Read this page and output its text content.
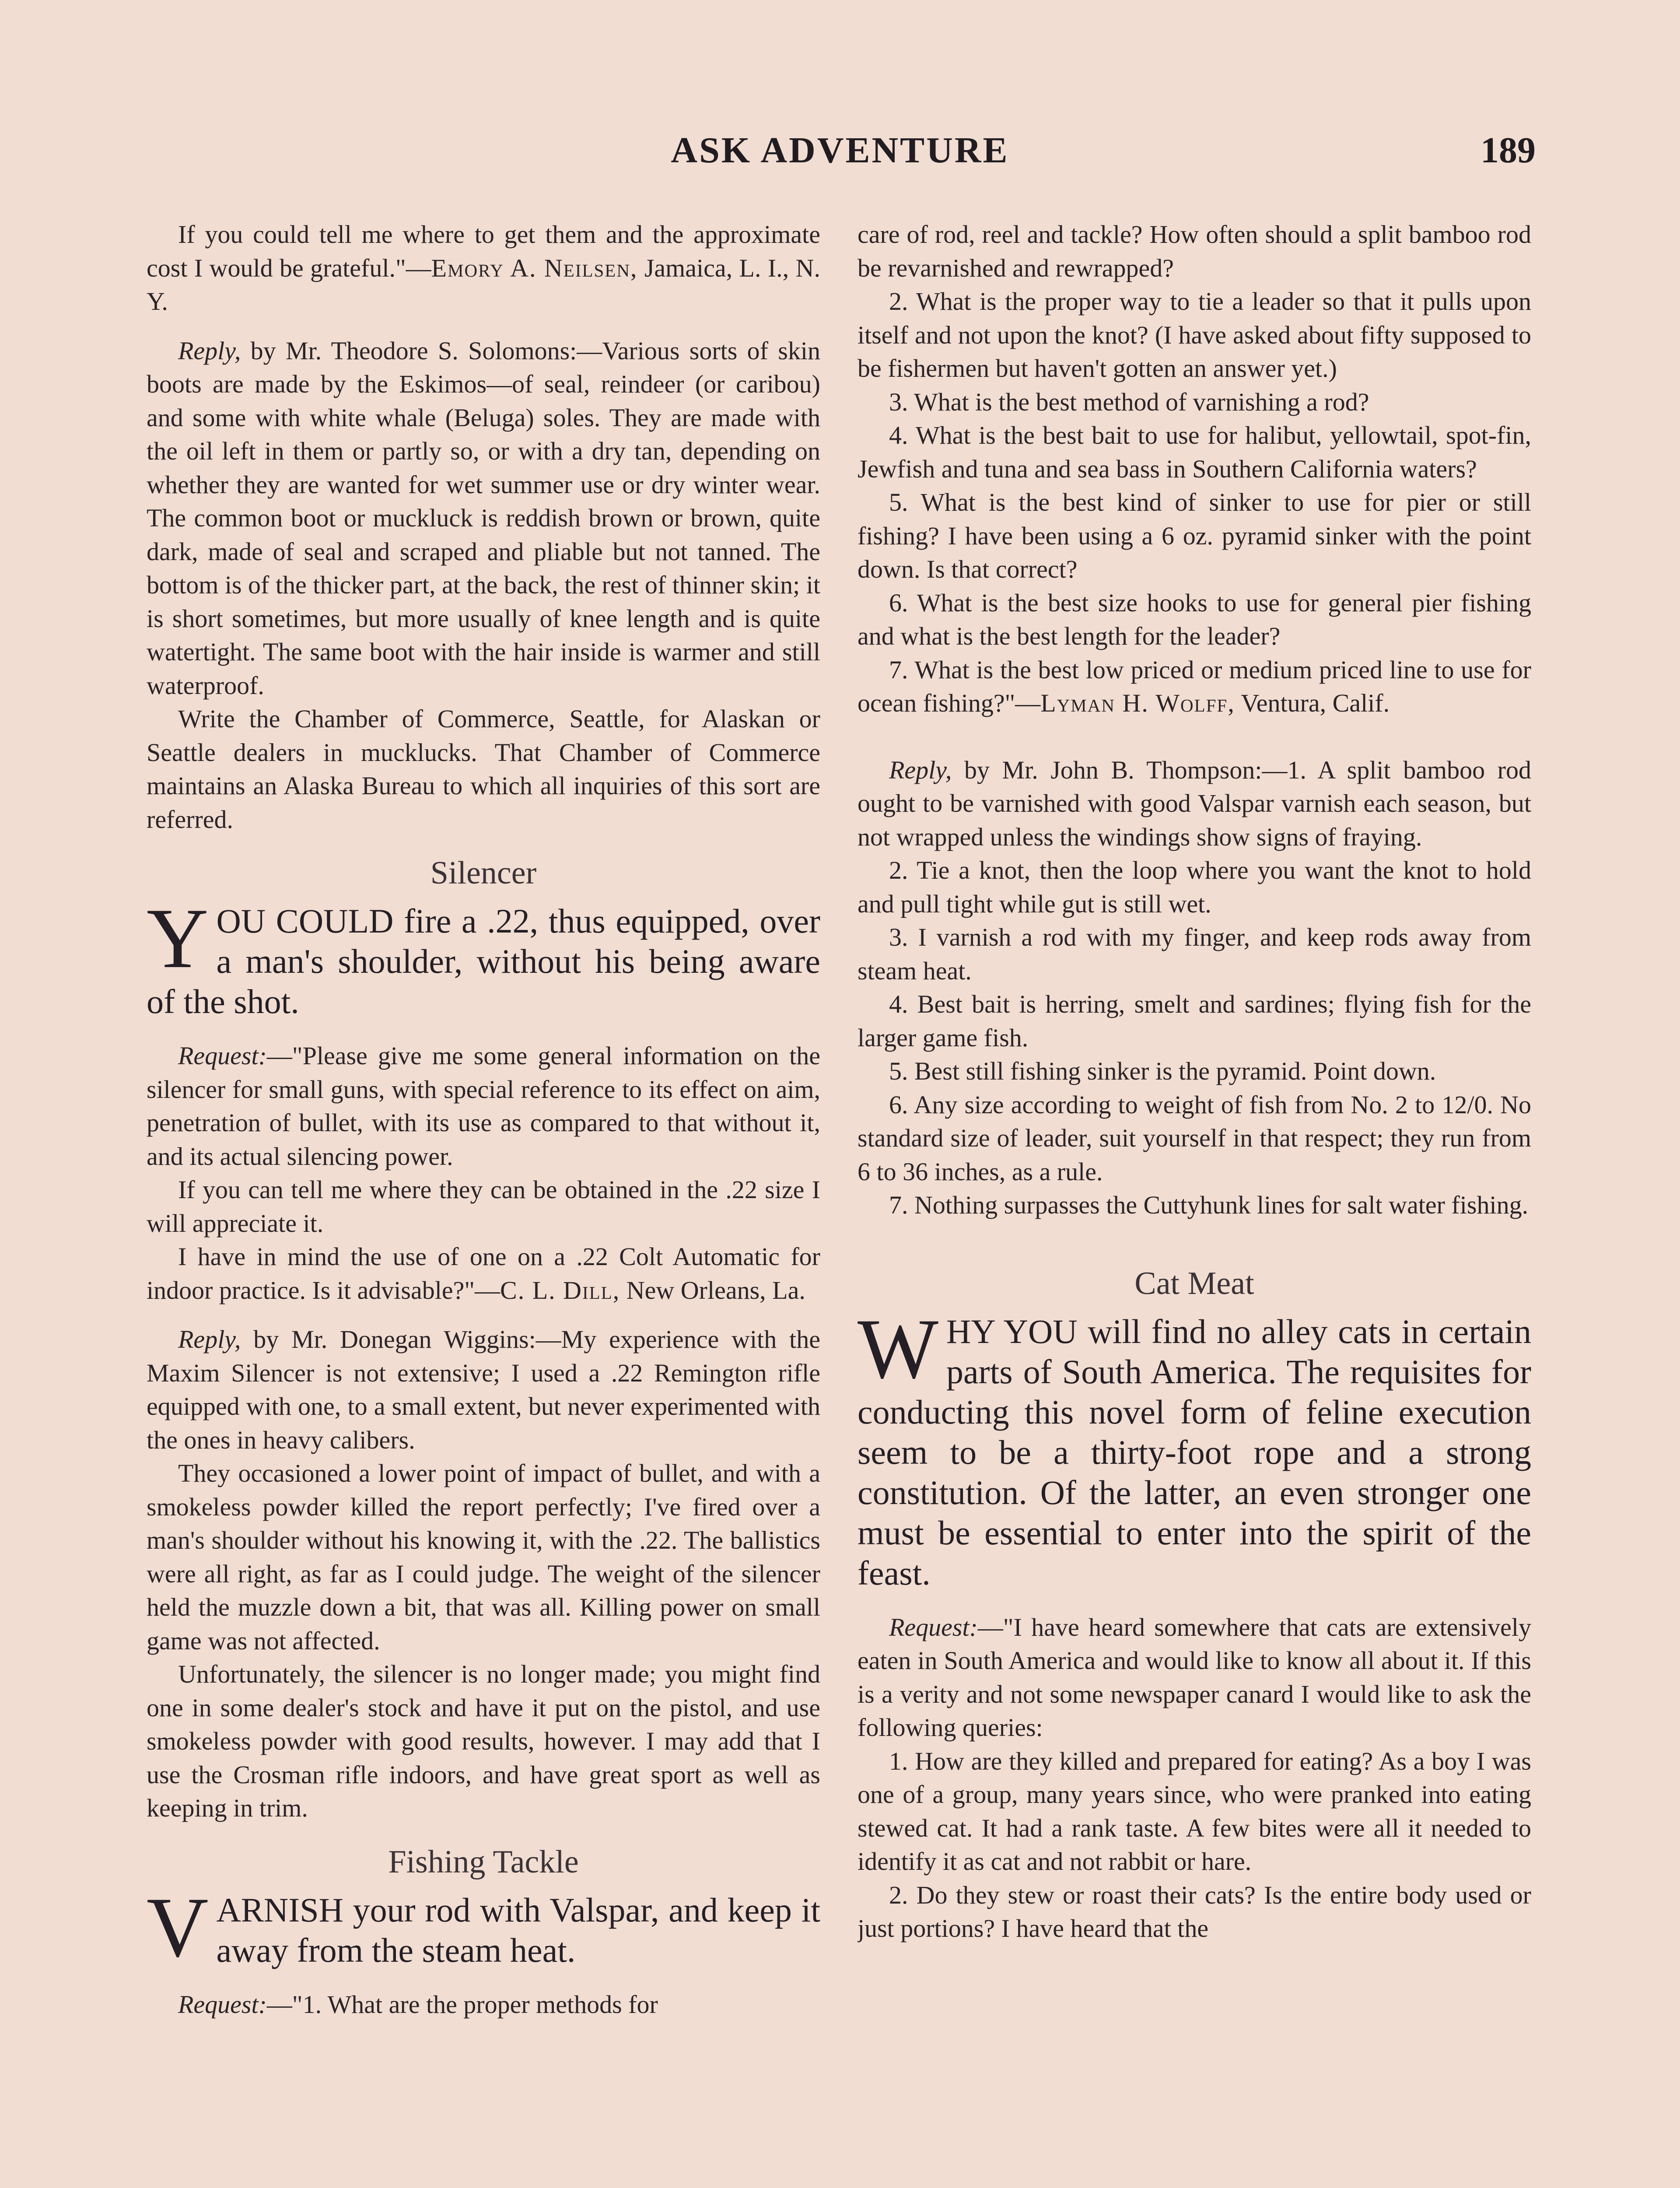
ASK ADVENTURE	189

If you could tell me where to get them and the approximate cost I would be grateful."—Emory A. Neilsen, Jamaica, L. I., N. Y.

Reply, by Mr. Theodore S. Solomons:—Various sorts of skin boots are made by the Eskimos—of seal, reindeer (or caribou) and some with white whale (Beluga) soles. They are made with the oil left in them or partly so, or with a dry tan, depending on whether they are wanted for wet summer use or dry winter wear. The common boot or muckluck is reddish brown or brown, quite dark, made of seal and scraped and pliable but not tanned. The bottom is of the thicker part, at the back, the rest of thinner skin; it is short sometimes, but more usually of knee length and is quite watertight. The same boot with the hair inside is warmer and still waterproof.

Write the Chamber of Commerce, Seattle, for Alaskan or Seattle dealers in mucklucks. That Chamber of Commerce maintains an Alaska Bureau to which all inquiries of this sort are referred.

Silencer
YOU COULD fire a .22, thus equipped, over a man's shoulder, without his being aware of the shot.

Request:—"Please give me some general information on the silencer for small guns, with special reference to its effect on aim, penetration of bullet, with its use as compared to that without it, and its actual silencing power.

If you can tell me where they can be obtained in the .22 size I will appreciate it.

I have in mind the use of one on a .22 Colt Automatic for indoor practice. Is it advisable?"—C. L. Dill, New Orleans, La.

Reply, by Mr. Donegan Wiggins:—My experience with the Maxim Silencer is not extensive; I used a .22 Remington rifle equipped with one, to a small extent, but never experimented with the ones in heavy calibers.

They occasioned a lower point of impact of bullet, and with a smokeless powder killed the report perfectly; I've fired over a man's shoulder without his knowing it, with the .22. The ballistics were all right, as far as I could judge. The weight of the silencer held the muzzle down a bit, that was all. Killing power on small game was not affected.

Unfortunately, the silencer is no longer made; you might find one in some dealer's stock and have it put on the pistol, and use smokeless powder with good results, however. I may add that I use the Crosman rifle indoors, and have great sport as well as keeping in trim.

Fishing Tackle
VARNISH your rod with Valspar, and keep it away from the steam heat.

Request:—"1. What are the proper methods for

care of rod, reel and tackle? How often should a split bamboo rod be revarnished and rewrapped?

2. What is the proper way to tie a leader so that it pulls upon itself and not upon the knot? (I have asked about fifty supposed to be fishermen but haven't gotten an answer yet.)

3. What is the best method of varnishing a rod?

4. What is the best bait to use for halibut, yellowtail, spot-fin, Jewfish and tuna and sea bass in Southern California waters?

5. What is the best kind of sinker to use for pier or still fishing? I have been using a 6 oz. pyramid sinker with the point down. Is that correct?

6. What is the best size hooks to use for general pier fishing and what is the best length for the leader?

7. What is the best low priced or medium priced line to use for ocean fishing?"—Lyman H. Wolff, Ventura, Calif.

Reply, by Mr. John B. Thompson:—1. A split bamboo rod ought to be varnished with good Valspar varnish each season, but not wrapped unless the windings show signs of fraying.

2. Tie a knot, then the loop where you want the knot to hold and pull tight while gut is still wet.

3. I varnish a rod with my finger, and keep rods away from steam heat.

4. Best bait is herring, smelt and sardines; flying fish for the larger game fish.

5. Best still fishing sinker is the pyramid. Point down.

6. Any size according to weight of fish from No. 2 to 12/0. No standard size of leader, suit yourself in that respect; they run from 6 to 36 inches, as a rule.

7. Nothing surpasses the Cuttyhunk lines for salt water fishing.

Cat Meat
WHY YOU will find no alley cats in certain parts of South America. The requisites for conducting this novel form of feline execution seem to be a thirty-foot rope and a strong constitution. Of the latter, an even stronger one must be essential to enter into the spirit of the feast.

Request:—"I have heard somewhere that cats are extensively eaten in South America and would like to know all about it. If this is a verity and not some newspaper canard I would like to ask the following queries:

1. How are they killed and prepared for eating? As a boy I was one of a group, many years since, who were pranked into eating stewed cat. It had a rank taste. A few bites were all it needed to identify it as cat and not rabbit or hare.

2. Do they stew or roast their cats? Is the entire body used or just portions? I have heard that the
